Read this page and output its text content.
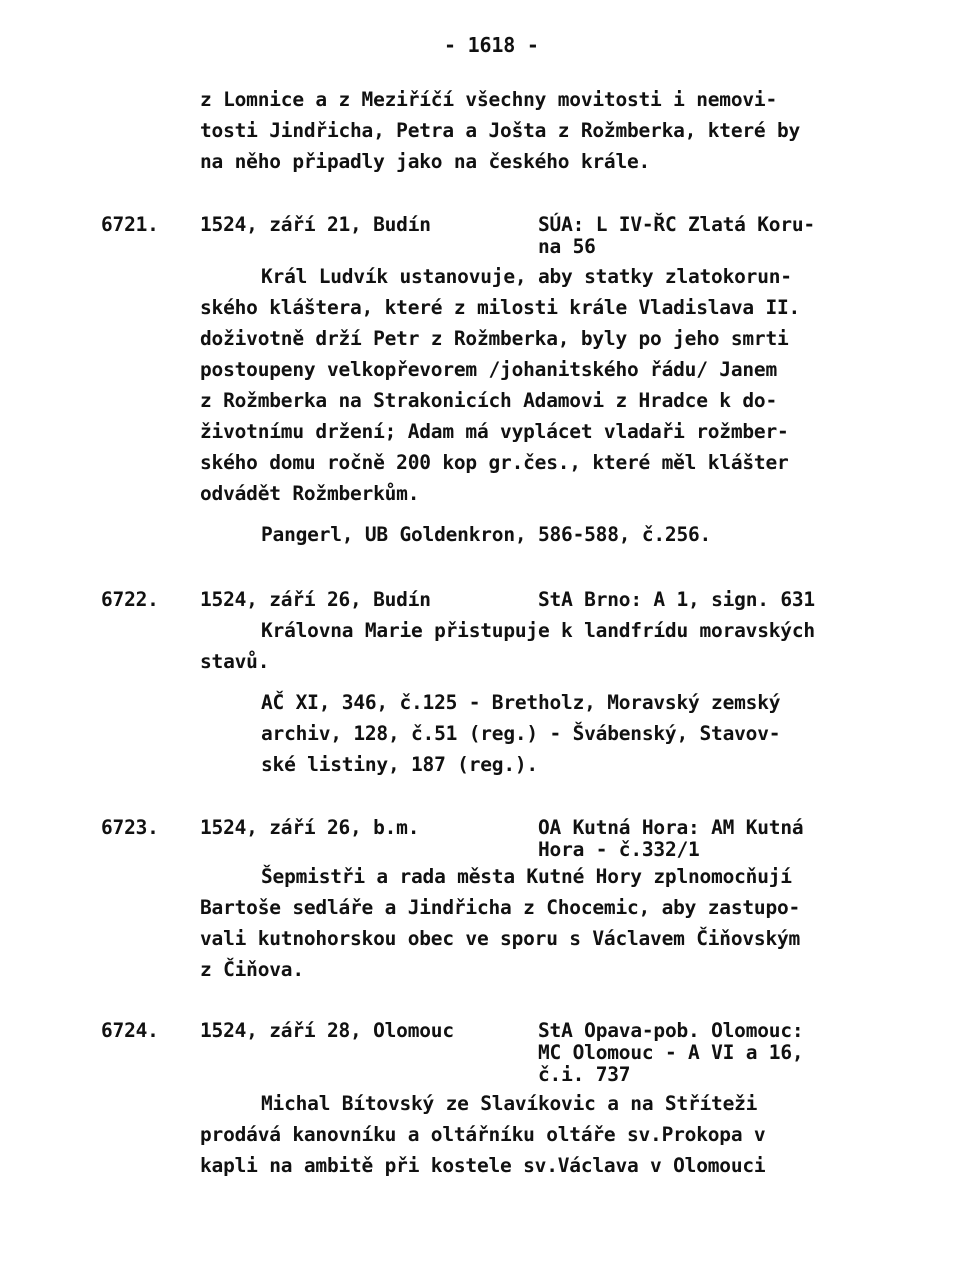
- 1618 -
z Lomnice a z Meziříčí všechny movitosti i nemovi-
tosti Jindřicha, Petra a Jošta z Rožmberka, které by
na něho připadly jako na českého krále.
6721. 1524, září 21, Budín	SÚA: L IV-ŘC Zlatá Koru-
na 56
Král Ludvík ustanovuje, aby statky zlatokorun-
ského kláštera, které z milosti krále Vladislava II.
doživotně drží Petr z Rožmberka, byly po jeho smrti
postoupeny velkopřevorem /johanitského řádu/ Janem
z Rožmberka na Strakonicích Adamovi z Hradce k do-
životnímu držení; Adam má vyplácet vladaři rožmber-
ského domu ročně 200 kop gr.čes., které měl klášter
odvádět Rožmberkům.
Pangerl, UB Goldenkron, 586-588, č.256.
6722. 1524, září 26, Budín	StA Brno: A 1, sign. 631
Královna Marie přistupuje k landfrídu moravských
stavů.
AČ XI, 346, č.125 - Bretholz, Moravský zemský
archiv, 128, č.51 (reg.) - Švábenský, Stavov-
ské listiny, 187 (reg.).
6723. 1524, září 26, b.m.	OA Kutná Hora: AM Kutná
Hora - č.332/1
Šepmistři a rada města Kutné Hory zplnomocňují
Bartoše sedláře a Jindřicha z Chocemic, aby zastupo-
vali kutnohorskou obec ve sporu s Václavem Čiňovským
z Čiňova.
6724. 1524, září 28, Olomouc	StA Opava-pob. Olomouc:
MC Olomouc - A VI a 16,
č.i. 737
Michal Bítovský ze Slavíkovic a na Stříteži
prodává kanovníku a oltářníku oltáře sv.Prokopa v
kapli na ambitě při kostele sv.Václava v Olomouci
